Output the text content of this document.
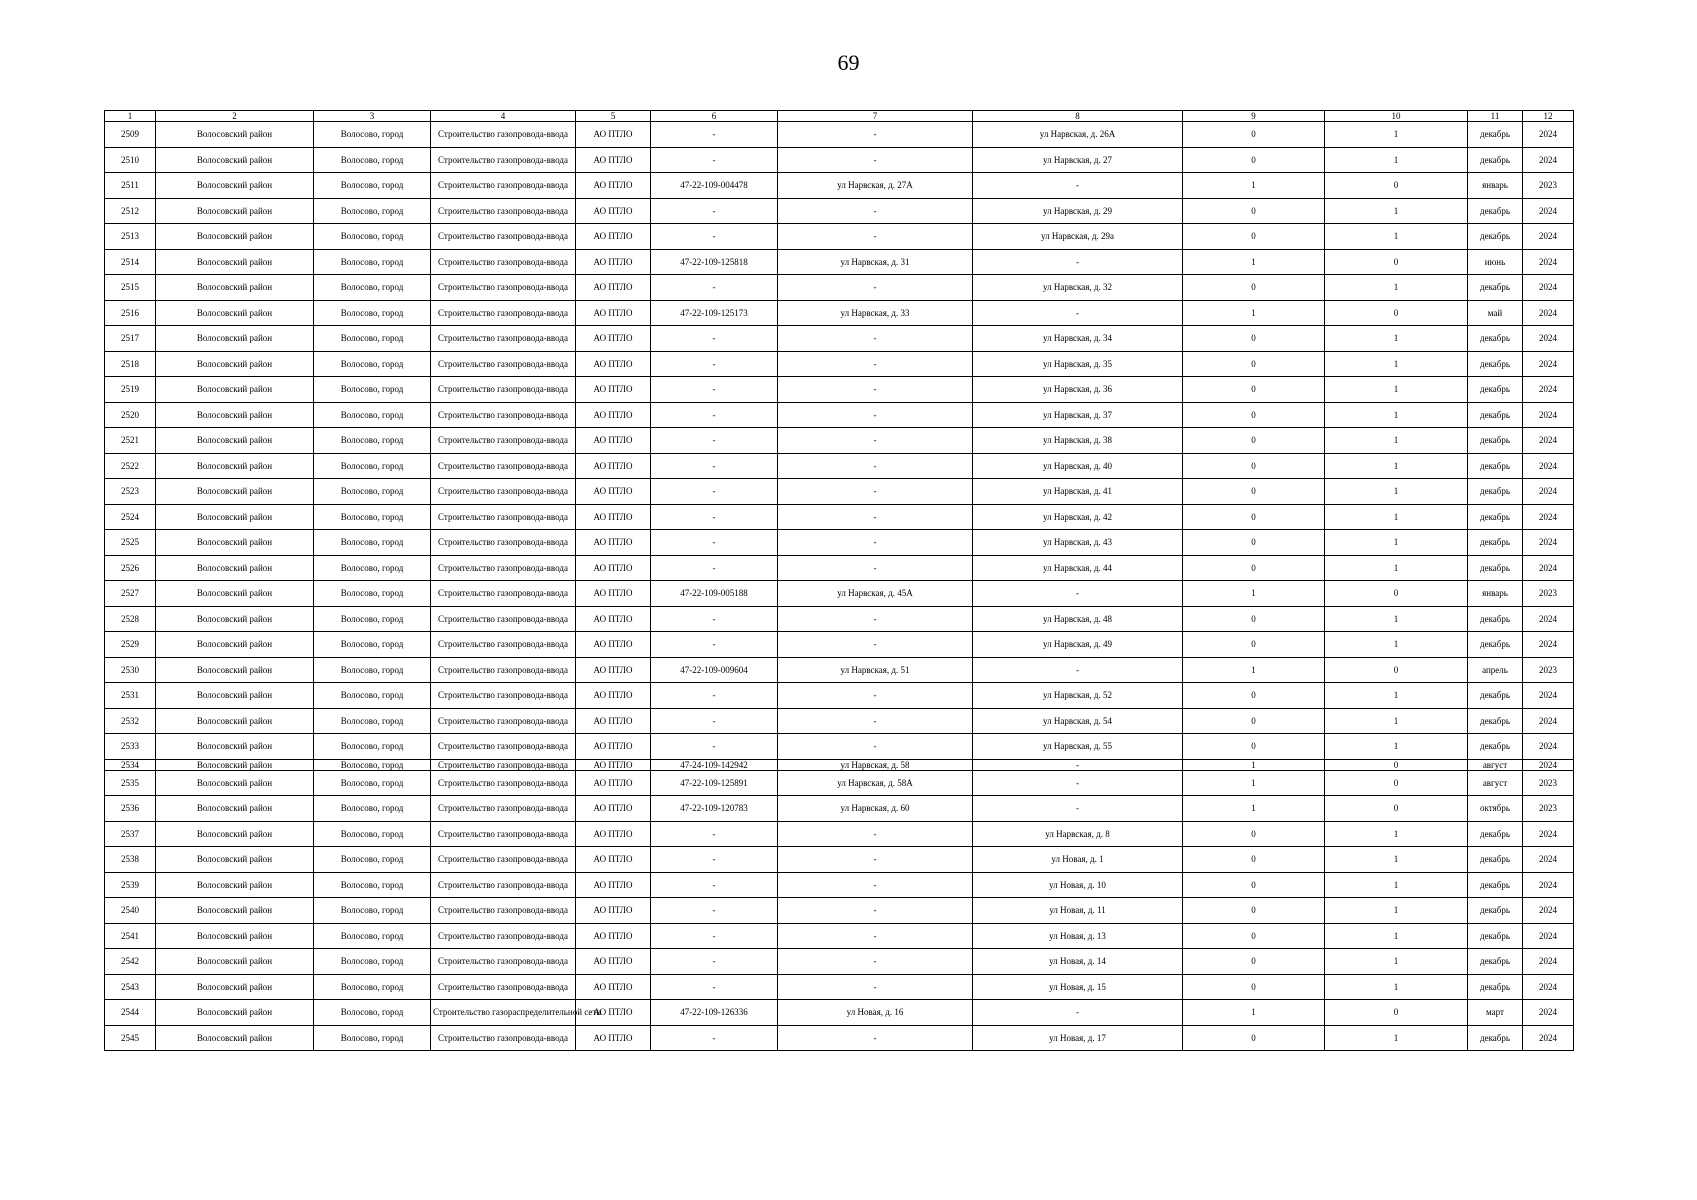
69
1	2	3	4	5	6	7	8	9	10	11	12
2509	Волосовский район	Волосово, город	Строительство газопровода-ввода	АО ПТЛО	-	-	ул Нарвская, д. 26А	0	1	декабрь	2024
2510	Волосовский район	Волосово, город	Строительство газопровода-ввода	АО ПТЛО	-	-	ул Нарвская, д. 27	0	1	декабрь	2024
2511	Волосовский район	Волосово, город	Строительство газопровода-ввода	АО ПТЛО	47-22-109-004478	ул Нарвская, д. 27А	-	1	0	январь	2023
2512	Волосовский район	Волосово, город	Строительство газопровода-ввода	АО ПТЛО	-	-	ул Нарвская, д. 29	0	1	декабрь	2024
2513	Волосовский район	Волосово, город	Строительство газопровода-ввода	АО ПТЛО	-	-	ул Нарвская, д. 29а	0	1	декабрь	2024
2514	Волосовский район	Волосово, город	Строительство газопровода-ввода	АО ПТЛО	47-22-109-125818	ул Нарвская, д. 31	-	1	0	июнь	2024
2515	Волосовский район	Волосово, город	Строительство газопровода-ввода	АО ПТЛО	-	-	ул Нарвская, д. 32	0	1	декабрь	2024
2516	Волосовский район	Волосово, город	Строительство газопровода-ввода	АО ПТЛО	47-22-109-125173	ул Нарвская, д. 33	-	1	0	май	2024
2517	Волосовский район	Волосово, город	Строительство газопровода-ввода	АО ПТЛО	-	-	ул Нарвская, д. 34	0	1	декабрь	2024
2518	Волосовский район	Волосово, город	Строительство газопровода-ввода	АО ПТЛО	-	-	ул Нарвская, д. 35	0	1	декабрь	2024
2519	Волосовский район	Волосово, город	Строительство газопровода-ввода	АО ПТЛО	-	-	ул Нарвская, д. 36	0	1	декабрь	2024
2520	Волосовский район	Волосово, город	Строительство газопровода-ввода	АО ПТЛО	-	-	ул Нарвская, д. 37	0	1	декабрь	2024
2521	Волосовский район	Волосово, город	Строительство газопровода-ввода	АО ПТЛО	-	-	ул Нарвская, д. 38	0	1	декабрь	2024
2522	Волосовский район	Волосово, город	Строительство газопровода-ввода	АО ПТЛО	-	-	ул Нарвская, д. 40	0	1	декабрь	2024
2523	Волосовский район	Волосово, город	Строительство газопровода-ввода	АО ПТЛО	-	-	ул Нарвская, д. 41	0	1	декабрь	2024
2524	Волосовский район	Волосово, город	Строительство газопровода-ввода	АО ПТЛО	-	-	ул Нарвская, д. 42	0	1	декабрь	2024
2525	Волосовский район	Волосово, город	Строительство газопровода-ввода	АО ПТЛО	-	-	ул Нарвская, д. 43	0	1	декабрь	2024
2526	Волосовский район	Волосово, город	Строительство газопровода-ввода	АО ПТЛО	-	-	ул Нарвская, д. 44	0	1	декабрь	2024
2527	Волосовский район	Волосово, город	Строительство газопровода-ввода	АО ПТЛО	47-22-109-005188	ул Нарвская, д. 45А	-	1	0	январь	2023
2528	Волосовский район	Волосово, город	Строительство газопровода-ввода	АО ПТЛО	-	-	ул Нарвская, д. 48	0	1	декабрь	2024
2529	Волосовский район	Волосово, город	Строительство газопровода-ввода	АО ПТЛО	-	-	ул Нарвская, д. 49	0	1	декабрь	2024
2530	Волосовский район	Волосово, город	Строительство газопровода-ввода	АО ПТЛО	47-22-109-009604	ул Нарвская, д. 51	-	1	0	апрель	2023
2531	Волосовский район	Волосово, город	Строительство газопровода-ввода	АО ПТЛО	-	-	ул Нарвская, д. 52	0	1	декабрь	2024
2532	Волосовский район	Волосово, город	Строительство газопровода-ввода	АО ПТЛО	-	-	ул Нарвская, д. 54	0	1	декабрь	2024
2533	Волосовский район	Волосово, город	Строительство газопровода-ввода	АО ПТЛО	-	-	ул Нарвская, д. 55	0	1	декабрь	2024
2534	Волосовский район	Волосово, город	Строительство газопровода-ввода	АО ПТЛО	47-24-109-142942	ул Нарвская, д. 58	-	1	0	август	2024
2535	Волосовский район	Волосово, город	Строительство газопровода-ввода	АО ПТЛО	47-22-109-125891	ул Нарвская, д. 58А	-	1	0	август	2023
2536	Волосовский район	Волосово, город	Строительство газопровода-ввода	АО ПТЛО	47-22-109-120783	ул Нарвская, д. 60	-	1	0	октябрь	2023
2537	Волосовский район	Волосово, город	Строительство газопровода-ввода	АО ПТЛО	-	-	ул Нарвская, д. 8	0	1	декабрь	2024
2538	Волосовский район	Волосово, город	Строительство газопровода-ввода	АО ПТЛО	-	-	ул Новая, д. 1	0	1	декабрь	2024
2539	Волосовский район	Волосово, город	Строительство газопровода-ввода	АО ПТЛО	-	-	ул Новая, д. 10	0	1	декабрь	2024
2540	Волосовский район	Волосово, город	Строительство газопровода-ввода	АО ПТЛО	-	-	ул Новая, д. 11	0	1	декабрь	2024
2541	Волосовский район	Волосово, город	Строительство газопровода-ввода	АО ПТЛО	-	-	ул Новая, д. 13	0	1	декабрь	2024
2542	Волосовский район	Волосово, город	Строительство газопровода-ввода	АО ПТЛО	-	-	ул Новая, д. 14	0	1	декабрь	2024
2543	Волосовский район	Волосово, город	Строительство газопровода-ввода	АО ПТЛО	-	-	ул Новая, д. 15	0	1	декабрь	2024
2544	Волосовский район	Волосово, город	Строительство газораспределительной сети	АО ПТЛО	47-22-109-126336	ул Новая, д. 16	-	1	0	март	2024
2545	Волосовский район	Волосово, город	Строительство газопровода-ввода	АО ПТЛО	-	-	ул Новая, д. 17	0	1	декабрь	2024
